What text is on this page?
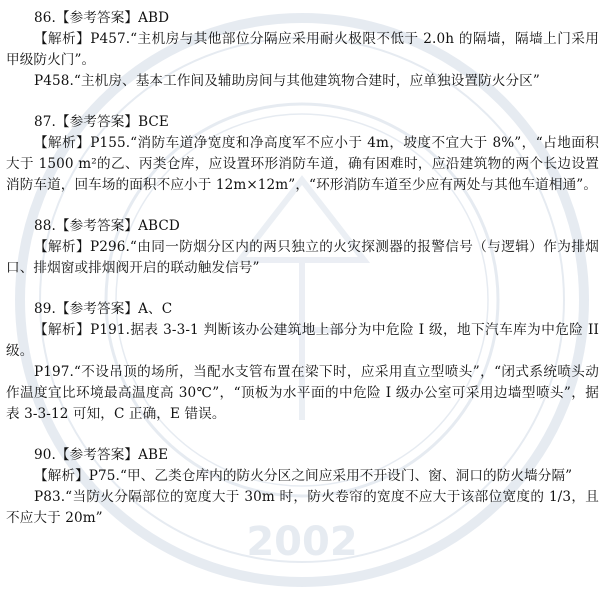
2002

86.【参考答案】ABD

【解析】P457.“主机房与其他部位分隔应采用耐火极限不低于 2.0h 的隔墙，隔墙上门采用甲级防火门”。

P458.“主机房、基本工作间及辅助房间与其他建筑物合建时，应单独设置防火分区”

87.【参考答案】BCE

【解析】P155.“消防车道净宽度和净高度军不应小于 4m，坡度不宜大于 8%”，“占地面积大于 1500 m²的乙、丙类仓库，应设置环形消防车道，确有困难时，应沿建筑物的两个长边设置消防车道，回车场的面积不应小于 12m×12m”，“环形消防车道至少应有两处与其他车道相通”。

88.【参考答案】ABCD

【解析】P296.“由同一防烟分区内的两只独立的火灾探测器的报警信号（与逻辑）作为排烟口、排烟窗或排烟阀开启的联动触发信号”

89.【参考答案】A、C

【解析】P191.据表 3-3-1 判断该办公建筑地上部分为中危险 I 级，地下汽车库为中危险 II 级。

P197.“不设吊顶的场所，当配水支管布置在梁下时，应采用直立型喷头”，“闭式系统喷头动作温度宜比环境最高温度高 30℃”，“顶板为水平面的中危险 I 级办公室可采用边墙型喷头”，据表 3-3-12 可知，C 正确，E 错误。

90.【参考答案】ABE

【解析】P75.“甲、乙类仓库内的防火分区之间应采用不开设门、窗、洞口的防火墙分隔”

P83.“当防火分隔部位的宽度大于 30m 时，防火卷帘的宽度不应大于该部位宽度的 1/3，且不应大于 20m”
